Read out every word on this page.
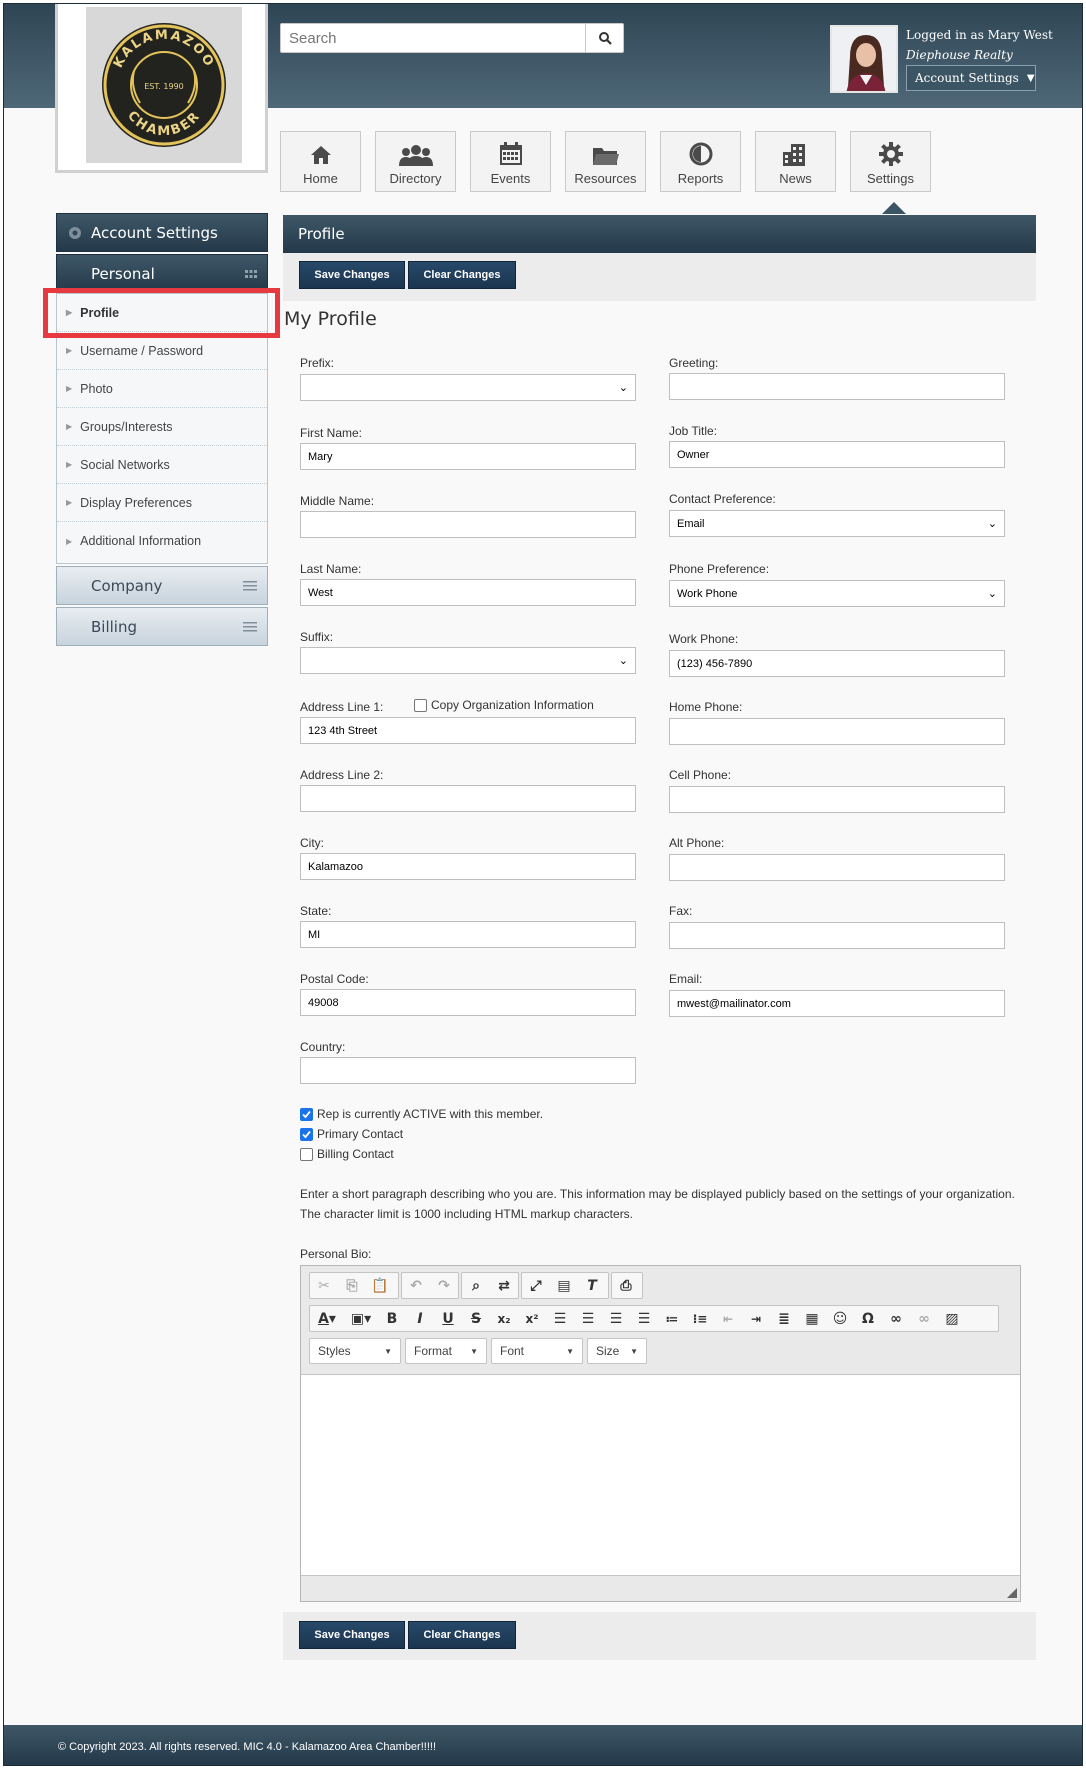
Search
Logged in as Mary West
Diephouse Realty
Account Settings ▼
KALAMAZOO
CHAMBER
EST. 1990
Home	Directory	Events	Resources	Reports	News	Settings
Account Settings
Personal
▶ Profile
▶ Username / Password
▶ Photo
▶ Groups/Interests
▶ Social Networks
▶ Display Preferences
▶ Additional Information
Company
Billing
Profile
Save Changes	Clear Changes
My Profile
Prefix:
⌄
First Name:
Mary
Middle Name:
Last Name:
West
Suffix:
⌄
Address Line 1:	Copy Organization Information
123 4th Street
Address Line 2:
City:
Kalamazoo
State:
MI
Postal Code:
49008
Country:
Greeting:
Job Title:
Owner
Contact Preference:
Email	⌄
Phone Preference:
Work Phone	⌄
Work Phone:
(123) 456-7890
Home Phone:
Cell Phone:
Alt Phone:
Fax:
Email:
mwest@mailinator.com
Rep is currently ACTIVE with this member.
Primary Contact
Billing Contact
Enter a short paragraph describing who you are. This information may be displayed publicly based on the settings of your organization.
The character limit is 1000 including HTML markup characters.
Personal Bio:
✂	⎘ 📋	↶	↷	⌕	⇄	⤢	▤	T	⎙
A ▾	▣▾	B	I U S	x₂	x²	☰	☰	☰	☰	≔	⁝≡	⇤	⇥	≣	▦	☺	Ω	∞	∞	▨
Styles	▼ Format ▼ Font	▼ Size ▼
Save Changes	Clear Changes
© Copyright 2023. All rights reserved. MIC 4.0 - Kalamazoo Area Chamber!!!!!
